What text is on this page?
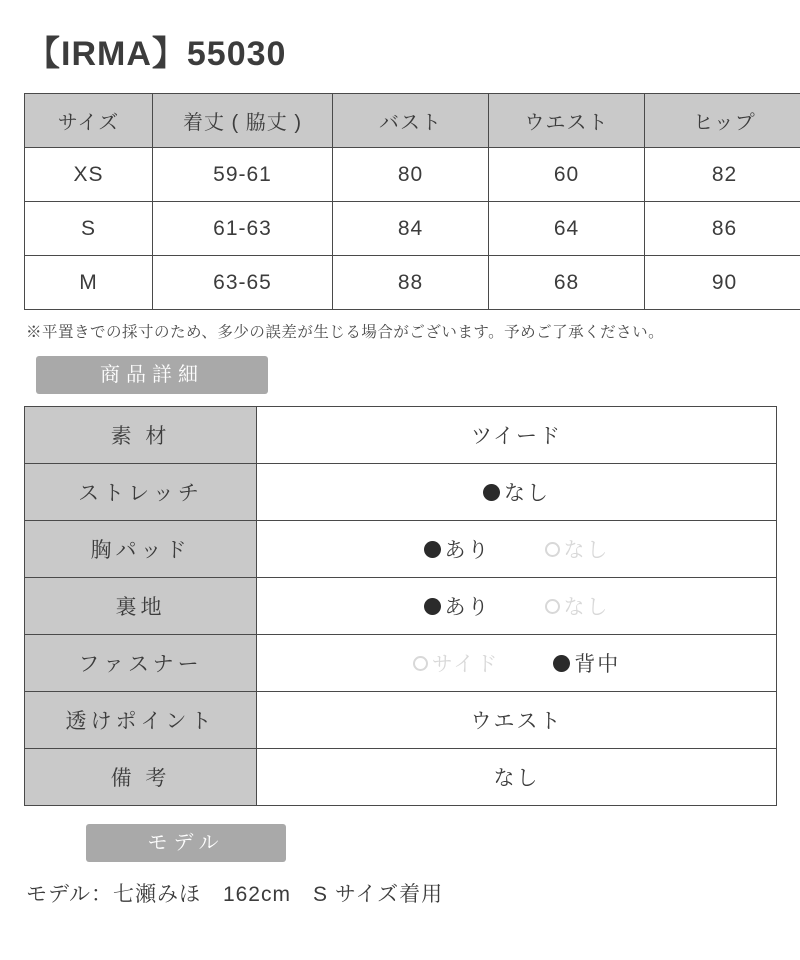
【IRMA】55030
サイズ	着丈 ( 脇丈 )	バスト	ウエスト	ヒップ
XS	59-61	80	60	82
S	61-63	84	64	86
M	63-65	88	68	90
※平置きでの採寸のため、多少の誤差が生じる場合がございます。予めご了承ください。
商品詳細
素 材	ツイード
ストレッチ	なし

胸パッド	あり なし

裏地	あり なし

ファスナー	サイド 背中

透けポイント	ウエスト
備 考	なし
モデル
モデル：七瀬みほ　162cm　S サイズ着用
